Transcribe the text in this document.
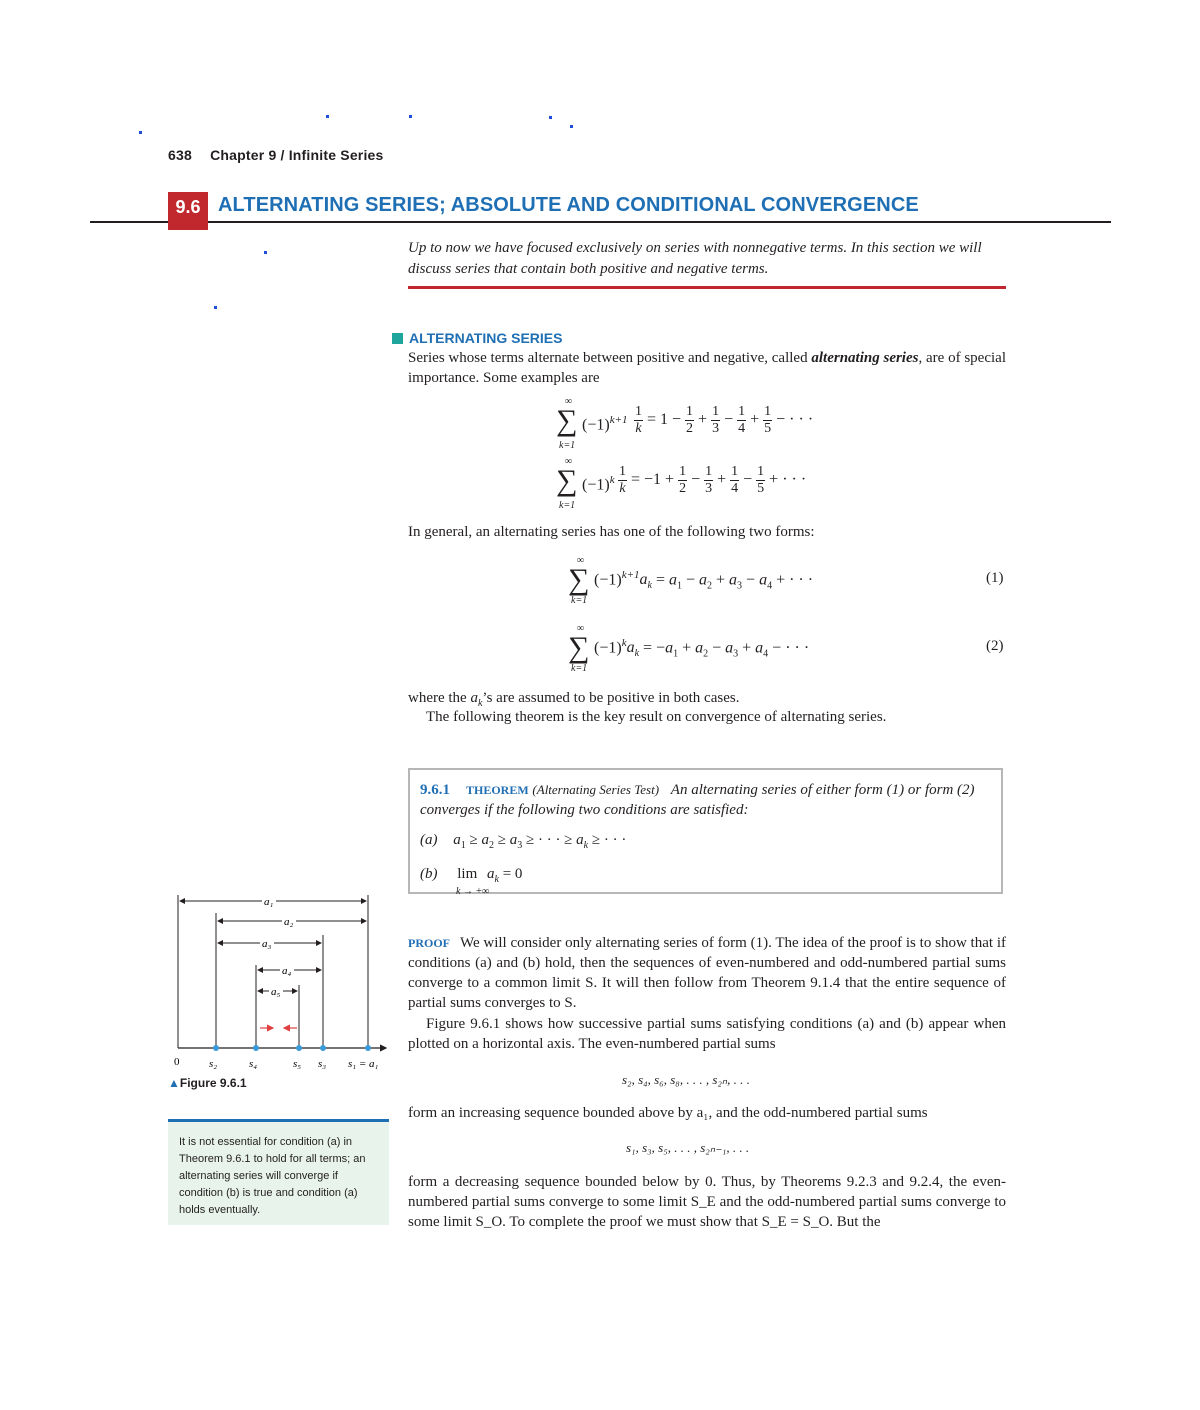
638 Chapter 9 / Infinite Series
9.6 ALTERNATING SERIES; ABSOLUTE AND CONDITIONAL CONVERGENCE
Up to now we have focused exclusively on series with nonnegative terms. In this section we will discuss series that contain both positive and negative terms.
ALTERNATING SERIES
Series whose terms alternate between positive and negative, called alternating series, are of special importance. Some examples are
∞
∑
k=1
$(-1)^{k+1} \frac{1}{k} = 1 - \frac{1}{2} + \frac{1}{3} - \frac{1}{4} + \frac{1}{5}$ − · · ·
∞
∑
k=1
$(-1)^k \frac{1}{k} = -1 + \frac{1}{2} - \frac{1}{3} + \frac{1}{4} - \frac{1}{5}$ + · · ·
In general, an alternating series has one of the following two forms:
∞
∑
k=1
$(-1)^{k+1}a_k = a_1 - a_2 + a_3 - a_4$ + · · ·	(1)
∞
∑
k=1
$(-1)^ka_k = -a_1 + a_2 - a_3 + a_4$ − · · ·	(2)
where the $a_k’s$ are assumed to be positive in both cases.
The following theorem is the key result on convergence of alternating series.
9.6.1 THEOREM (Alternating Series Test) An alternating series of either form (1) or form (2) converges if the following two conditions are satisfied:
(a) $a_1 \ge a_2 \ge a_3$ ≥ · · · ≥ $a_k$ ≥ · · ·
(b) $\lim a_k = 0$
k → +∞
PROOF We will consider only alternating series of form (1). The idea of the proof is to show that if conditions (a) and (b) hold, then the sequences of even-numbered and odd-numbered partial sums converge to a common limit S. It will then follow from Theorem 9.1.4 that the entire sequence of partial sums converges to S.
Figure 9.6.1 shows how successive partial sums satisfying conditions (a) and (b) appear when plotted on a horizontal axis. The even-numbered partial sums
s₂, s₄, s₆, s₈, . . . , s₂ₙ, . . .
form an increasing sequence bounded above by a₁, and the odd-numbered partial sums
s₁, s₃, s₅, . . . , s₂ₙ₋₁, . . .
form a decreasing sequence bounded below by 0. Thus, by Theorems 9.2.3 and 9.2.4, the even-numbered partial sums converge to some limit S_E and the odd-numbered partial sums converge to some limit S_O. To complete the proof we must show that S_E = S_O. But the
a₁
a₂
a₃
a₄
a₅
0	s₂	s₄	s₅ s₃ s₁ = a₁
▲Figure 9.6.1
It is not essential for condition (a) in Theorem 9.6.1 to hold for all terms; an alternating series will converge if condition (b) is true and condition (a) holds eventually.
